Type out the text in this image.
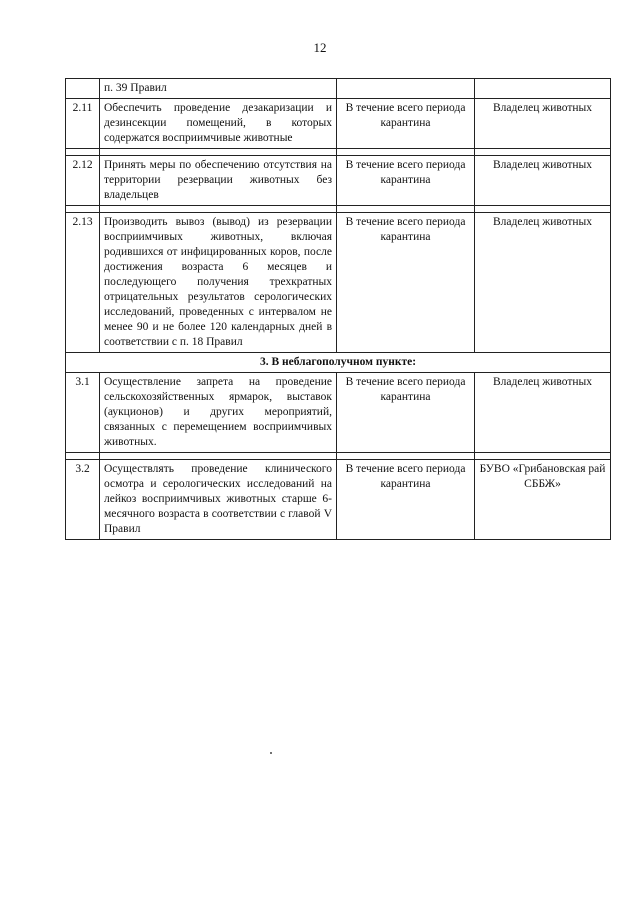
12
	п. 39 Правил		
2.11	Обеспечить проведение дезакаризации и дезинсекции помещений, в которых содержатся восприимчивые животные	В течение всего периода карантина	Владелец животных

2.12	Принять меры по обеспечению отсутствия на территории резервации животных без владельцев	В течение всего периода карантина	Владелец животных

2.13	Производить вывоз (вывод) из резервации восприимчивых животных, включая родившихся от инфицированных коров, после достижения возраста 6 месяцев и последующего получения трехкратных отрицательных результатов серологических исследований, проведенных с интервалом не менее 90 и не более 120 календарных дней в соответствии с п. 18 Правил	В течение всего периода карантина	Владелец животных
3. В неблагополучном пункте:			
3.1	Осуществление запрета на проведение сельскохозяйственных ярмарок, выставок (аукционов) и других мероприятий, связанных с перемещением восприимчивых животных.	В течение всего периода карантина	Владелец животных

3.2	Осуществлять проведение клинического осмотра и серологических исследований на лейкоз восприимчивых животных старше 6-месячного возраста в соответствии с главой V Правил	В течение всего периода карантина	БУВО «Грибановская рай СББЖ»
